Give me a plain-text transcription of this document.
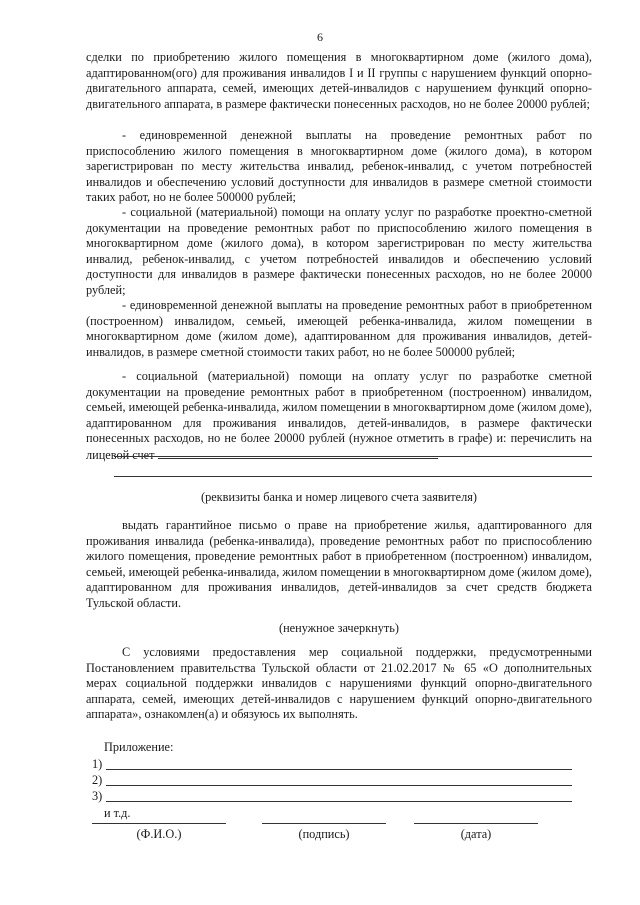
6
сделки по приобретению жилого помещения в многоквартирном доме (жилого дома), адаптированном(ого) для проживания инвалидов I и II группы с нарушением функций опорно-двигательного аппарата, семей, имеющих детей-инвалидов с нарушением функций опорно-двигательного аппарата, в размере фактически понесенных расходов, но не более 20000 рублей;
- единовременной денежной выплаты на проведение ремонтных работ по приспособлению жилого помещения в многоквартирном доме (жилого дома), в котором зарегистрирован по месту жительства инвалид, ребенок-инвалид, с учетом потребностей инвалидов и обеспечению условий доступности для инвалидов в размере сметной стоимости таких работ, но не более 500000 рублей;
- социальной (материальной) помощи на оплату услуг по разработке проектно-сметной документации на проведение ремонтных работ по приспособлению жилого помещения в многоквартирном доме (жилого дома), в котором зарегистрирован по месту жительства инвалид, ребенок-инвалид, с учетом потребностей инвалидов и обеспечению условий доступности для инвалидов в размере фактически понесенных расходов, но не более 20000 рублей;
- единовременной денежной выплаты на проведение ремонтных работ в приобретенном (построенном) инвалидом, семьей, имеющей ребенка-инвалида, жилом помещении в многоквартирном доме (жилом доме), адаптированном для проживания инвалидов, детей-инвалидов, в размере сметной стоимости таких работ, но не более 500000 рублей;
- социальной (материальной) помощи на оплату услуг по разработке сметной документации на проведение ремонтных работ в приобретенном (построенном) инвалидом, семьей, имеющей ребенка-инвалида, жилом помещении в многоквартирном доме (жилом доме), адаптированном для проживания инвалидов, детей-инвалидов, в размере фактически понесенных расходов, но не более 20000 рублей (нужное отметить в графе) и: перечислить на лицевой счет
(реквизиты банка и номер лицевого счета заявителя)
выдать гарантийное письмо о праве на приобретение жилья, адаптированного для проживания инвалида (ребенка-инвалида), проведение ремонтных работ по приспособлению жилого помещения, проведение ремонтных работ в приобретенном (построенном) инвалидом, семьей, имеющей ребенка-инвалида, жилом помещении в многоквартирном доме (жилом доме), адаптированном для проживания инвалидов, детей-инвалидов за счет средств бюджета Тульской области.
(ненужное зачеркнуть)
С условиями предоставления мер социальной поддержки, предусмотренными Постановлением правительства Тульской области от 21.02.2017 № 65 «О дополнительных мерах социальной поддержки инвалидов с нарушениями функций опорно-двигательного аппарата, семей, имеющих детей-инвалидов с нарушением функций опорно-двигательного аппарата», ознакомлен(а) и обязуюсь их выполнять.
Приложение:
1)
2)
3)
и т.д.
(Ф.И.О.)	(подпись)	(дата)
